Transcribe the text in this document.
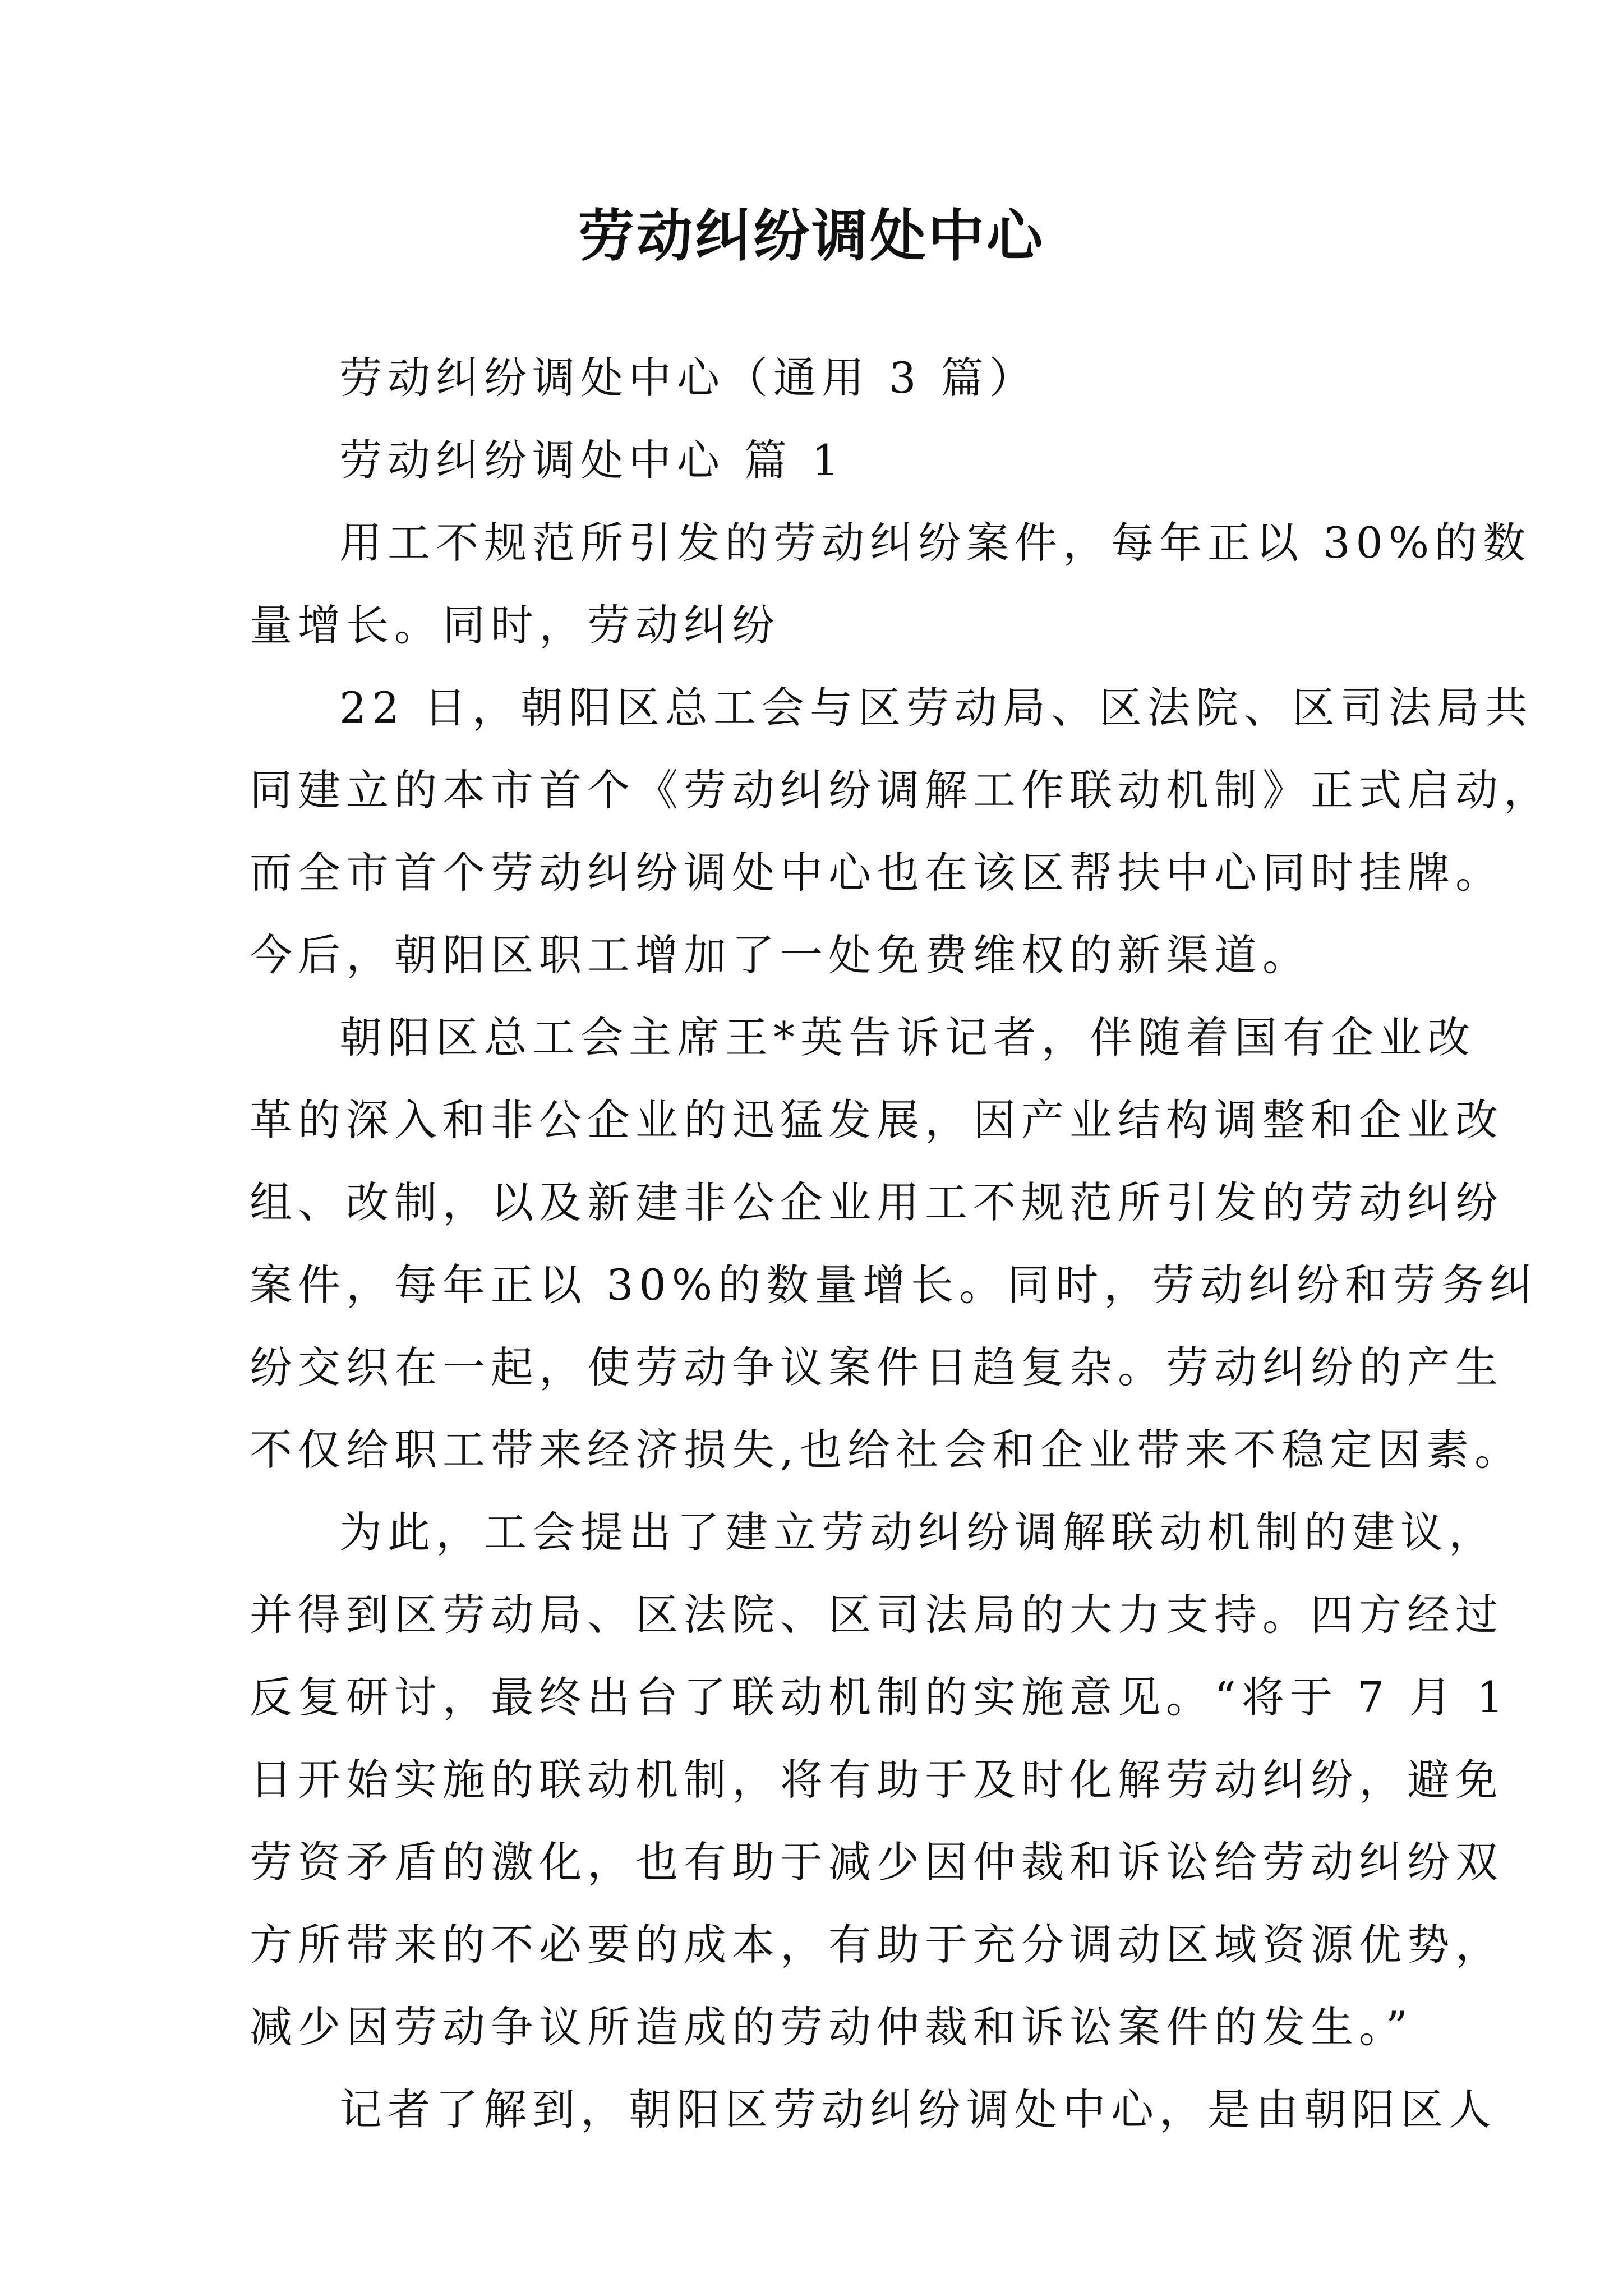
劳动纠纷调处中心
劳动纠纷调处中心（通用 3 篇）
劳动纠纷调处中心 篇 1
用工不规范所引发的劳动纠纷案件，每年正以 30%的数
量增长。同时，劳动纠纷
22 日，朝阳区总工会与区劳动局、区法院、区司法局共
同建立的本市首个《劳动纠纷调解工作联动机制》正式启动，
而全市首个劳动纠纷调处中心也在该区帮扶中心同时挂牌。
今后，朝阳区职工增加了一处免费维权的新渠道。
朝阳区总工会主席王*英告诉记者，伴随着国有企业改
革的深入和非公企业的迅猛发展，因产业结构调整和企业改
组、改制，以及新建非公企业用工不规范所引发的劳动纠纷
案件，每年正以 30%的数量增长。同时，劳动纠纷和劳务纠
纷交织在一起，使劳动争议案件日趋复杂。劳动纠纷的产生
不仅给职工带来经济损失,也给社会和企业带来不稳定因素。
为此，工会提出了建立劳动纠纷调解联动机制的建议，
并得到区劳动局、区法院、区司法局的大力支持。四方经过
反复研讨，最终出台了联动机制的实施意见。“将于 7 月 1
日开始实施的联动机制，将有助于及时化解劳动纠纷，避免
劳资矛盾的激化，也有助于减少因仲裁和诉讼给劳动纠纷双
方所带来的不必要的成本，有助于充分调动区域资源优势，
减少因劳动争议所造成的劳动仲裁和诉讼案件的发生。”
记者了解到，朝阳区劳动纠纷调处中心，是由朝阳区人
